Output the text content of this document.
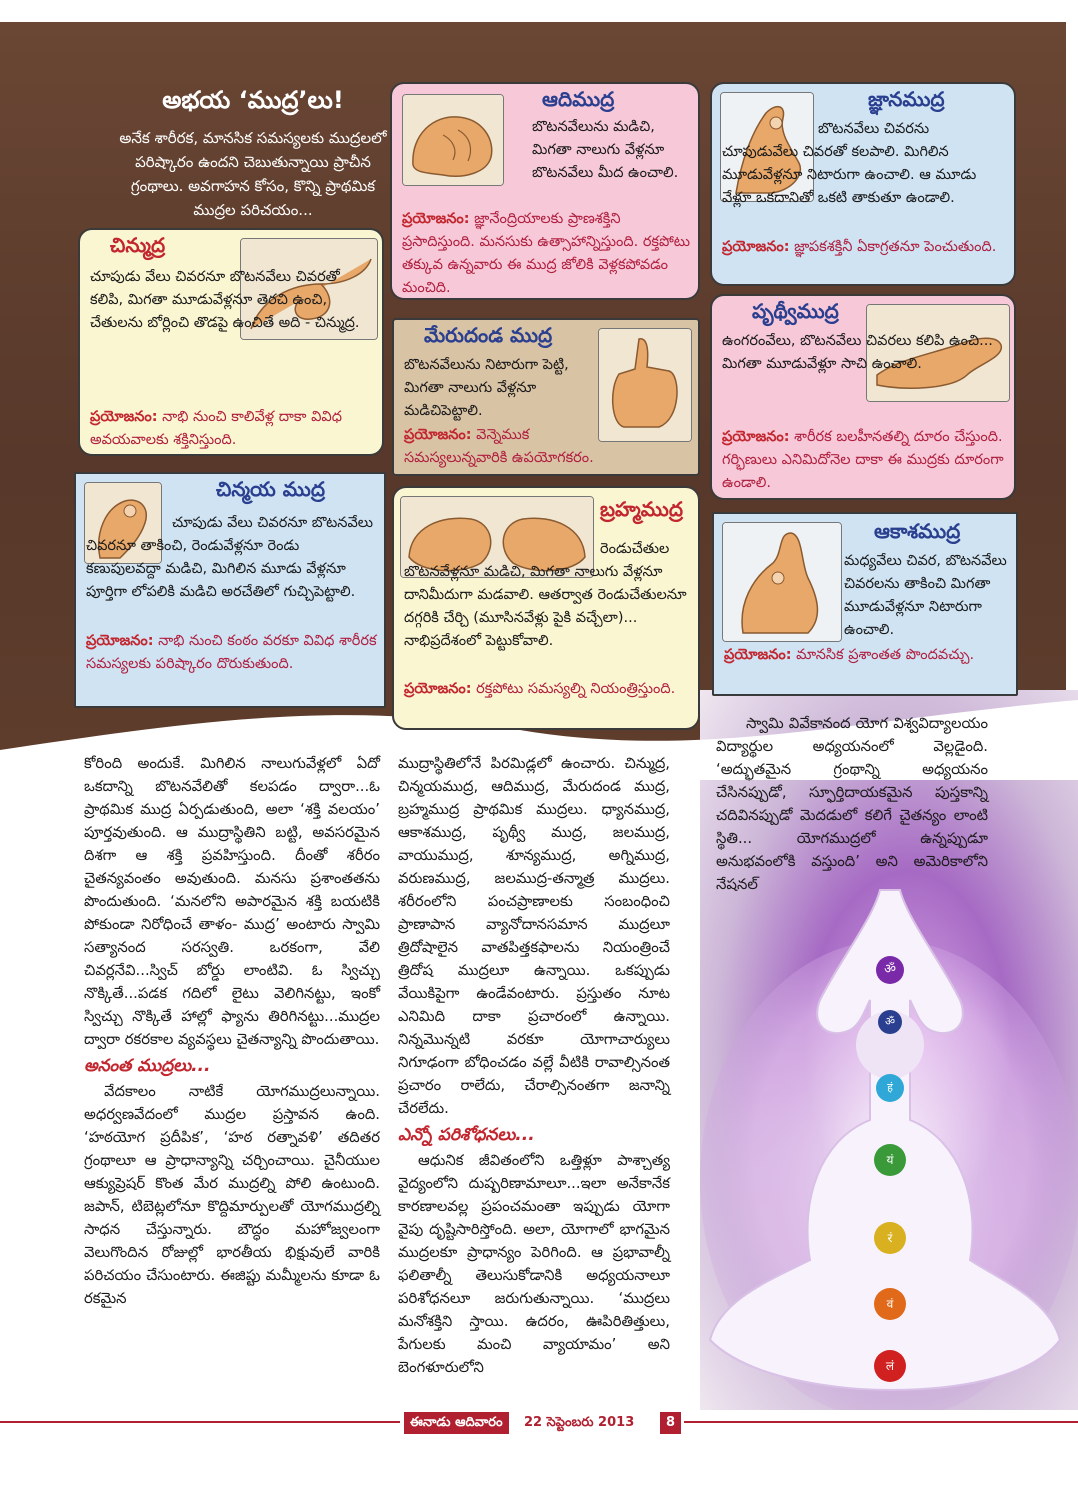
అభయ ‘ముద్ర’లు!
అనేక శారీరక, మానసిక సమస్యలకు ముద్రలలో పరిష్కారం ఉందని చెబుతున్నాయి ప్రాచీన గ్రంథాలు. అవగాహన కోసం, కొన్ని ప్రాథమిక ముద్రల పరిచయం...
ఆదిముద్ర
బొటనవేలును మడిచి, మిగతా నాలుగు వేళ్లనూ బొటనవేలు మీద ఉంచాలి.
ప్రయోజనం: జ్ఞానేంద్రియాలకు ప్రాణశక్తిని ప్రసాదిస్తుంది. మనసుకు ఉత్సాహాన్నిస్తుంది. రక్తపోటు తక్కువ ఉన్నవారు ఈ ముద్ర జోలికి వెళ్లకపోవడం మంచిది.
జ్ఞానముద్ర
బొటనవేలు చివరను చూపుడువేలు చివరతో కలపాలి. మిగిలిన మూడువేళ్లనూ నిటారుగా ఉంచాలి. ఆ మూడు వేళ్లూ ఒకదానితో ఒకటి తాకుతూ ఉండాలి.
ప్రయోజనం: జ్ఞాపకశక్తినీ ఏకాగ్రతనూ పెంచుతుంది.
చిన్ముద్ర
చూపుడు వేలు చివరనూ బొటనవేలు చివరతో కలిపి, మిగతా మూడువేళ్లనూ తెరచి ఉంచి, చేతులను బోర్లించి తొడపై ఉంచితే అది - చిన్ముద్ర.
ప్రయోజనం: నాభి నుంచి కాలివేళ్ల దాకా వివిధ అవయవాలకు శక్తినిస్తుంది.
మేరుదండ ముద్ర
బొటనవేలును నిటారుగా పెట్టి, మిగతా నాలుగు వేళ్లనూ మడిచిపెట్టాలి.
ప్రయోజనం: వెన్నెముక సమస్యలున్నవారికి ఉపయోగకరం.
పృథ్వీముద్ర
ఉంగరంవేలు, బొటనవేలు చివరలు కలిపి ఉంచి... మిగతా మూడువేళ్లూ సాచి ఉంచాలి.
ప్రయోజనం: శారీరక బలహీనతల్ని దూరం చేస్తుంది. గర్భిణులు ఎనిమిదోనెల దాకా ఈ ముద్రకు దూరంగా ఉండాలి.
చిన్మయ ముద్ర
చూపుడు వేలు చివరనూ బొటనవేలు చివరనూ తాకించి, రెండువేళ్లనూ రెండు కణుపులవద్దా మడిచి, మిగిలిన మూడు వేళ్లనూ పూర్తిగా లోపలికి మడిచి అరచేతిలో గుచ్చిపెట్టాలి.
ప్రయోజనం: నాభి నుంచి కంఠం వరకూ వివిధ శారీరక సమస్యలకు పరిష్కారం దొరుకుతుంది.
బ్రహ్మముద్ర
రెండుచేతుల బొటనవేళ్లనూ మడిచి, మిగతా నాలుగు వేళ్లనూ దానిమీదుగా మడవాలి. ఆతర్వాత రెండుచేతులనూ దగ్గరికి చేర్చి (మూసినవేళ్లు పైకి వచ్చేలా)... నాభిప్రదేశంలో పెట్టుకోవాలి.
ప్రయోజనం: రక్తపోటు సమస్యల్ని నియంత్రిస్తుంది.
ఆకాశముద్ర
మధ్యవేలు చివర, బొటనవేలు చివరలను తాకించి మిగతా మూడువేళ్లనూ నిటారుగా ఉంచాలి.
ప్రయోజనం: మానసిక ప్రశాంతత పొందవచ్చు.

కోరింది అందుకే. మిగిలిన నాలుగువేళ్లలో ఏదో ఒకదాన్ని బొటనవేలితో కలపడం ద్వారా...ఓ ప్రాథమిక ముద్ర ఏర్పడుతుంది, అలా ‘శక్తి వలయం’ పూర్తవుతుంది. ఆ ముద్రాస్థితిని బట్టి, అవసరమైన దిశగా ఆ శక్తి ప్రవహిస్తుంది. దీంతో శరీరం చైతన్యవంతం అవుతుంది. మనసు ప్రశాంతతను పొందుతుంది. ‘మనలోని అపారమైన శక్తి బయటికి పోకుండా నిరోధించే తాళం- ముద్ర’ అంటారు స్వామి సత్యానంద సరస్వతి. ఒరకంగా, వేలి చివర్లనేవి...స్విచ్ బోర్డు లాంటివి. ఓ స్విచ్చు నొక్కితే...పడక గదిలో లైటు వెలిగినట్టు, ఇంకో స్విచ్చు నొక్కితే హాల్లో ఫ్యాను తిరిగినట్టు...ముద్రల ద్వారా రకరకాల వ్యవస్థలు చైతన్యాన్ని పొందుతాయి.

అనంత ముద్రలు...

వేదకాలం నాటికే యోగముద్రలున్నాయి. అధర్వణవేదంలో ముద్రల ప్రస్తావన ఉంది. ‘హఠయోగ ప్రదీపిక’, ‘హఠ రత్నావళి’ తదితర గ్రంథాలూ ఆ ప్రాధాన్యాన్ని చర్చించాయి. చైనీయుల ఆక్యుప్రెషర్ కొంత మేర ముద్రల్ని పోలి ఉంటుంది. జపాన్, టిబెట్లలోనూ కొద్దిమార్పులతో యోగముద్రల్ని సాధన చేస్తున్నారు. బౌద్ధం మహోజ్వలంగా వెలుగొందిన రోజుల్లో భారతీయ భిక్షువులే వారికి పరిచయం చేసుంటారు. ఈజిప్టు మమ్మీలను కూడా ఓ రకమైన

ముద్రాస్థితిలోనే పిరమిడ్లలో ఉంచారు. చిన్ముద్ర, చిన్మయముద్ర, ఆదిముద్ర, మేరుదండ ముద్ర, బ్రహ్మముద్ర ప్రాథమిక ముద్రలు. ధ్యానముద్ర, ఆకాశముద్ర, పృథ్వీ ముద్ర, జలముద్ర, వాయుముద్ర, శూన్యముద్ర, అగ్నిముద్ర, వరుణముద్ర, జలముద్ర-తన్మాత్ర ముద్రలు. శరీరంలోని పంచప్రాణాలకు సంబంధించి ప్రాణాపాన వ్యానోదానసమాన ముద్రలూ త్రిదోషాలైన వాతపిత్తకఫాలను నియంత్రించే త్రిదోష ముద్రలూ ఉన్నాయి. ఒకప్పుడు వేయికిపైగా ఉండేవంటారు. ప్రస్తుతం నూట ఎనిమిది దాకా ప్రచారంలో ఉన్నాయి. నిన్నమొన్నటి వరకూ యోగాచార్యులు నిగూఢంగా బోధించడం వల్లే వీటికి రావాల్సినంత ప్రచారం రాలేదు, చేరాల్సినంతగా జనాన్ని చేరలేదు.

ఎన్నో పరిశోధనలు...

ఆధునిక జీవితంలోని ఒత్తిళ్లూ పాశ్చాత్య వైద్యంలోని దుష్పరిణామాలూ...ఇలా అనేకానేక కారణాలవల్ల ప్రపంచమంతా ఇప్పుడు యోగా వైపు దృష్టిసారిస్తోంది. అలా, యోగాలో భాగమైన ముద్రలకూ ప్రాధాన్యం పెరిగింది. ఆ ప్రభావాల్నీ ఫలితాల్నీ తెలుసుకోడానికి అధ్యయనాలూ పరిశోధనలూ జరుగుతున్నాయి. ‘ముద్రలు మనోశక్తిని స్తాయి. ఉదరం, ఊపిరితిత్తులు, పేగులకు మంచి వ్యాయామం’ అని బెంగళూరులోని

స్వామి వివేకానంద యోగ విశ్వవిద్యాలయం విద్యార్థుల అధ్యయనంలో వెల్లడైంది. ‘అద్భుతమైన గ్రంథాన్ని అధ్యయనం చేసినప్పుడో, స్ఫూర్తిదాయకమైన పుస్తకాన్ని చదివినప్పుడో మెదడులో కలిగే చైతన్యం లాంటి స్థితి... యోగముద్రలో ఉన్నప్పుడూ అనుభవంలోకి వస్తుంది’ అని అమెరికాలోని నేషనల్

ॐ
ॐ
हं
यं
रं
वं
लं
ఈనాడు ఆదివారం	22 సెప్టెంబరు 2013	8
